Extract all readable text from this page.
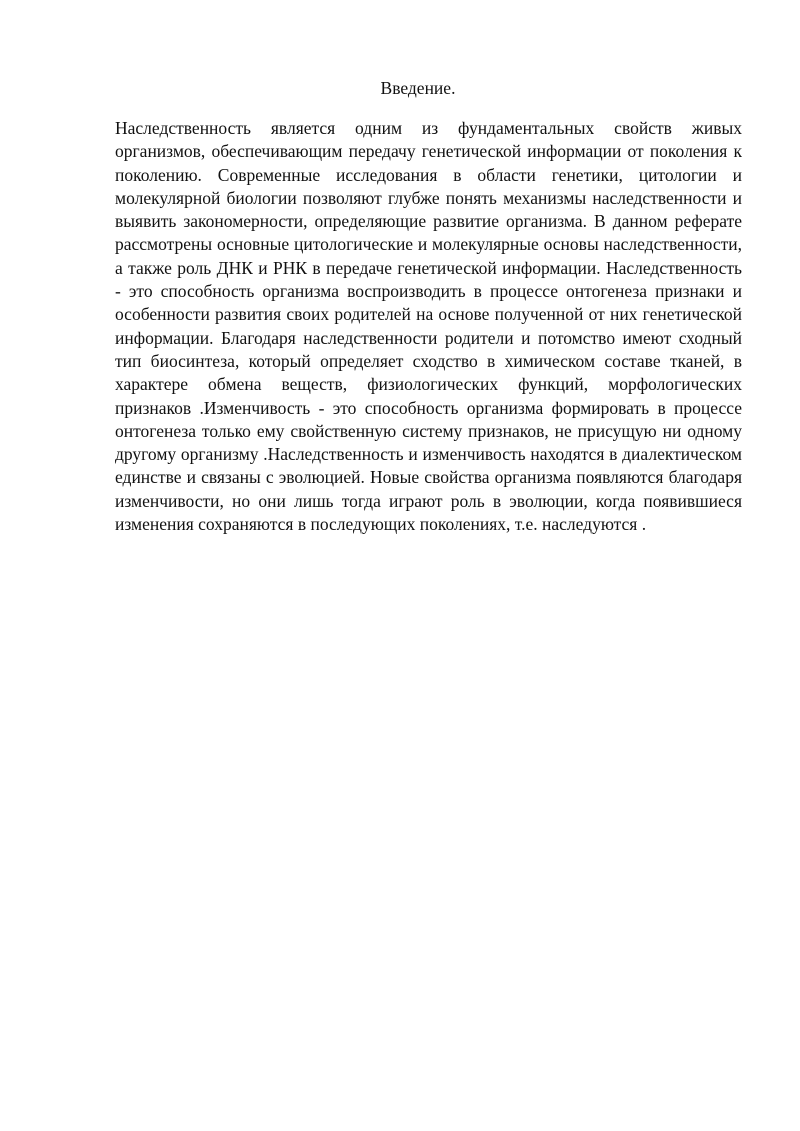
Введение.

Наследственность является одним из фундаментальных свойств живых организмов, обеспечивающим передачу генетической информации от поколения к поколению. Современные исследования в области генетики, цитологии и молекулярной биологии позволяют глубже понять механизмы наследственности и выявить закономерности, определяющие развитие организма. В данном реферате рассмотрены основные цитологические и молекулярные основы наследственности, а также роль ДНК и РНК в передаче генетической информации. Наследственность - это способность организма воспроизводить в процессе онтогенеза признаки и особенности развития своих родителей на основе полученной от них генетической информации. Благодаря наследственности родители и потомство имеют сходный тип биосинтеза, который определяет сходство в химическом составе тканей, в характере обмена веществ, физиологических функций, морфологических признаков .Изменчивость - это способность организма формировать в процессе онтогенеза только ему свойственную систему признаков, не присущую ни одному другому организму .Наследственность и изменчивость находятся в диалектическом единстве и связаны с эволюцией. Новые свойства организма появляются благодаря изменчивости, но они лишь тогда играют роль в эволюции, когда появившиеся изменения сохраняются в последующих поколениях, т.е. наследуются .
